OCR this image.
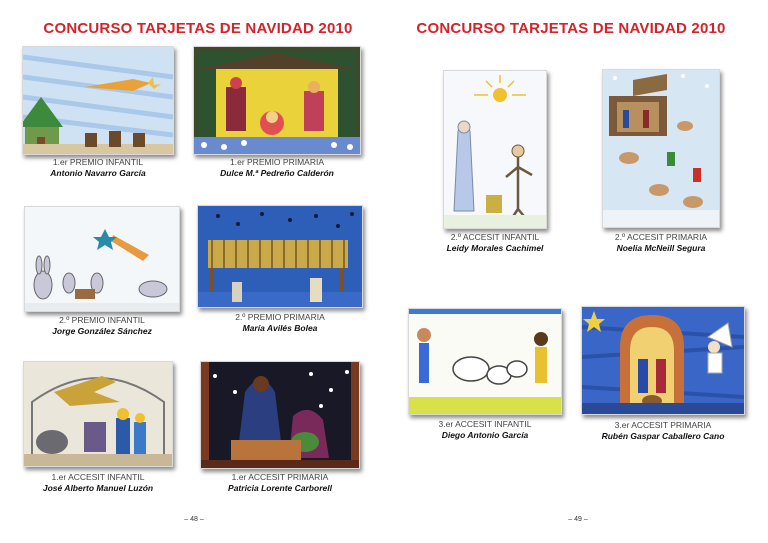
CONCURSO TARJETAS DE NAVIDAD 2010
1.er PREMIO INFANTIL
Antonio Navarro García
1.er PREMIO PRIMARIA
Dulce M.ª Pedreño Calderón
2.º PREMIO INFANTIL
Jorge González Sánchez
2.º PREMIO PRIMARIA
María Avilés Bolea
1.er ACCESIT INFANTIL
José Alberto Manuel Luzón
1.er ACCESIT PRIMARIA
Patricia Lorente Carborell
– 48 –
CONCURSO TARJETAS DE NAVIDAD 2010
2.º ACCESIT INFANTIL
Leidy Morales Cachimel
2.º ACCESIT PRIMARIA
Noelia McNeill Segura
3.er ACCESIT INFANTIL
Diego Antonio García
3.er ACCESIT PRIMARIA
Rubén Gaspar Caballero Cano
– 49 –
